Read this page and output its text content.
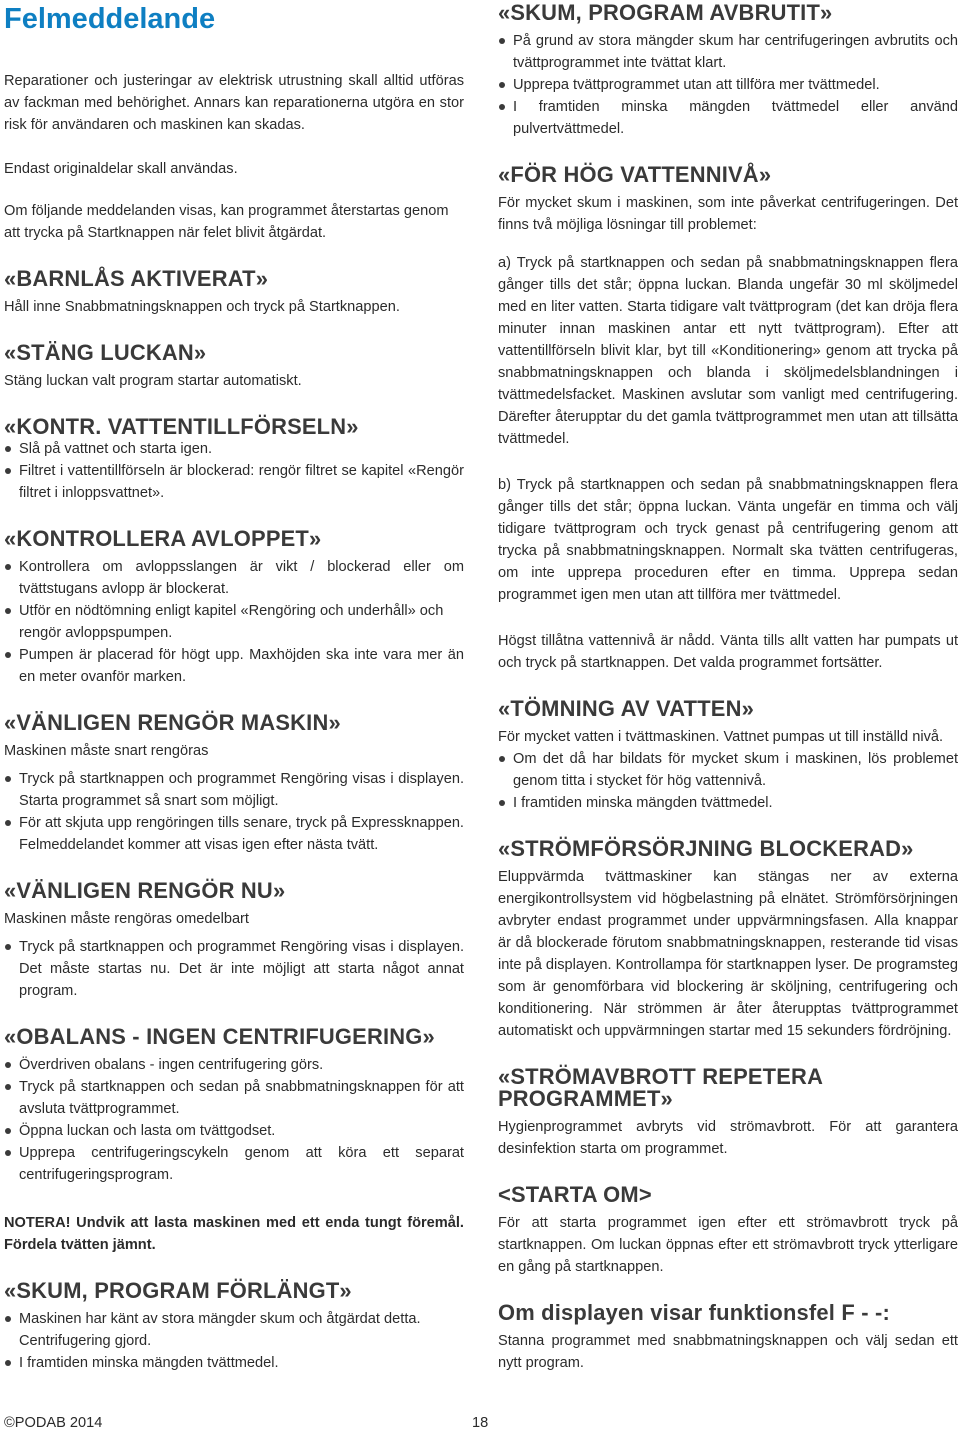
Felmeddelande

Reparationer och justeringar av elektrisk utrustning skall alltid utföras av fackman med behörighet. Annars kan reparationerna utgöra en stor risk för användaren och maskinen kan skadas.

Endast originaldelar skall användas.

Om följande meddelanden visas, kan programmet återstartas genom att trycka på Startknappen när felet blivit åtgärdat.

«BARNLÅS AKTIVERAT»

Håll inne Snabbmatningsknappen och tryck på Startknappen.

«STÄNG LUCKAN»

Stäng luckan valt program startar automatiskt.

«KONTR. VATTENTILLFÖRSELN»
Slå på vattnet och starta igen.
Filtret i vattentillförseln är blockerad: rengör filtret se kapitel «Rengör filtret i inloppsvattnet».
«KONTROLLERA AVLOPPET»
Kontrollera om avloppsslangen är vikt / blockerad eller om tvättstugans avlopp är blockerat.
Utför en nödtömning enligt kapitel «Rengöring och underhåll» och rengör avloppspumpen.
Pumpen är placerad för högt upp. Maxhöjden ska inte vara mer än en meter ovanför marken.
«VÄNLIGEN RENGÖR MASKIN»

Maskinen måste snart rengöras

Tryck på startknappen och programmet Rengöring visas i displayen. Starta programmet så snart som möjligt.
För att skjuta upp rengöringen tills senare, tryck på Expressknappen. Felmeddelandet kommer att visas igen efter nästa tvätt.
«VÄNLIGEN RENGÖR NU»

Maskinen måste rengöras omedelbart

Tryck på startknappen och programmet Rengöring visas i displayen. Det måste startas nu. Det är inte möjligt att starta något annat program.
«OBALANS - INGEN CENTRIFUGERING»
Överdriven obalans - ingen centrifugering görs.
Tryck på startknappen och sedan på snabbmatningsknappen för att avsluta tvättprogrammet.
Öppna luckan och lasta om tvättgodset.
Upprepa centrifugeringscykeln genom att köra ett separat centrifugeringsprogram.

NOTERA! Undvik att lasta maskinen med ett enda tungt föremål. Fördela tvätten jämnt.

«SKUM, PROGRAM FÖRLÄNGT»
Maskinen har känt av stora mängder skum och åtgärdat detta. Centrifugering gjord.
I framtiden minska mängden tvättmedel.
«SKUM, PROGRAM AVBRUTIT»
På grund av stora mängder skum har centrifugeringen avbrutits och tvättprogrammet inte tvättat klart.
Upprepa tvättprogrammet utan att tillföra mer tvättmedel.
I framtiden minska mängden tvättmedel eller använd pulvertvättmedel.
«FÖR HÖG VATTENNIVÅ»

För mycket skum i maskinen, som inte påverkat centrifugeringen. Det finns två möjliga lösningar till problemet:

a) Tryck på startknappen och sedan på snabbmatningsknappen flera gånger tills det står; öppna luckan. Blanda ungefär 30 ml sköljmedel med en liter vatten. Starta tidigare valt tvättprogram (det kan dröja flera minuter innan maskinen antar ett nytt tvättprogram). Efter att vattentillförseln blivit klar, byt till «Konditionering» genom att trycka på snabbmatningsknappen och blanda i sköljmedelsblandningen i tvättmedelsfacket. Maskinen avslutar som vanligt med centrifugering. Därefter återupptar du det gamla tvättprogrammet men utan att tillsätta tvättmedel.

b) Tryck på startknappen och sedan på snabbmatningsknappen flera gånger tills det står; öppna luckan. Vänta ungefär en timma och välj tidigare tvättprogram och tryck genast på centrifugering genom att trycka på snabbmatningsknappen. Normalt ska tvätten centrifugeras, om inte upprepa proceduren efter en timma. Upprepa sedan programmet igen men utan att tillföra mer tvättmedel.

Högst tillåtna vattennivå är nådd. Vänta tills allt vatten har pumpats ut och tryck på startknappen. Det valda programmet fortsätter.

«TÖMNING AV VATTEN»

För mycket vatten i tvättmaskinen. Vattnet pumpas ut till inställd nivå.

Om det då har bildats för mycket skum i maskinen, lös problemet genom titta i stycket för hög vattennivå.
I framtiden minska mängden tvättmedel.
«STRÖMFÖRSÖRJNING BLOCKERAD»

Eluppvärmda tvättmaskiner kan stängas ner av externa energikontrollsystem vid högbelastning på elnätet. Strömförsörjningen avbryter endast programmet under uppvärmningsfasen. Alla knappar är då blockerade förutom snabbmatningsknappen, resterande tid visas inte på displayen. Kontrollampa för startknappen lyser. De programsteg som är genomförbara vid blockering är sköljning, centrifugering och konditionering. När strömmen är åter återupptas tvättprogrammet automatiskt och uppvärmningen startar med 15 sekunders fördröjning.

«STRÖMAVBROTT REPETERA PROGRAMMET»

Hygienprogrammet avbryts vid strömavbrott. För att garantera desinfektion starta om programmet.

<STARTA OM>

För att starta programmet igen efter ett strömavbrott tryck på startknappen. Om luckan öppnas efter ett strömavbrott tryck ytterligare en gång på startknappen.

Om displayen visar funktionsfel F - -:

Stanna programmet med snabbmatningsknappen och välj sedan ett nytt program.

©PODAB 2014	18
